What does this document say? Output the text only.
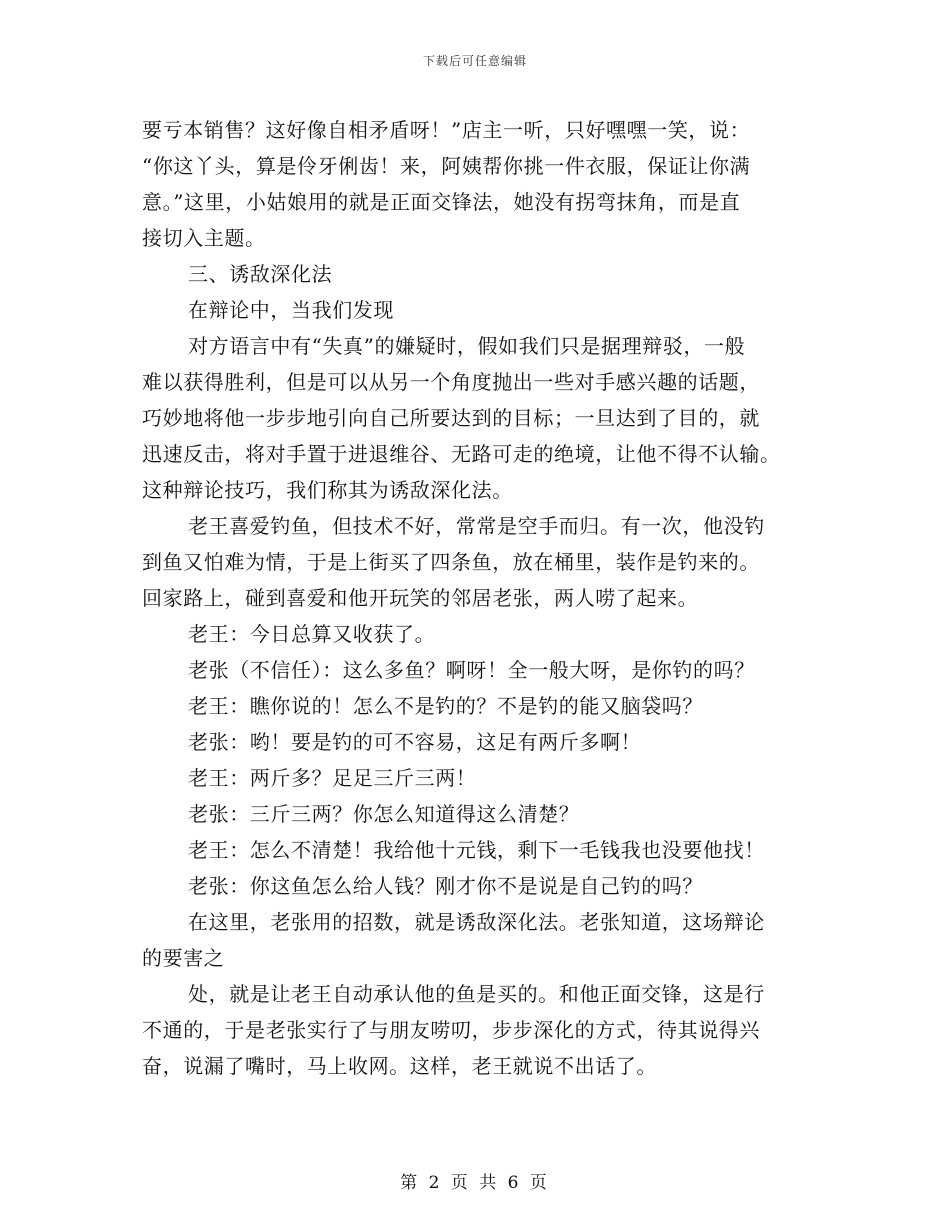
下载后可任意编辑
要亏本销售？这好像自相矛盾呀！”店主一听，只好嘿嘿一笑，说：
“你这丫头，算是伶牙俐齿！来，阿姨帮你挑一件衣服，保证让你满
意。”这里，小姑娘用的就是正面交锋法，她没有拐弯抹角，而是直
接切入主题。
三、诱敌深化法
在辩论中，当我们发现
对方语言中有“失真”的嫌疑时，假如我们只是据理辩驳，一般
难以获得胜利，但是可以从另一个角度抛出一些对手感兴趣的话题，
巧妙地将他一步步地引向自己所要达到的目标；一旦达到了目的，就
迅速反击，将对手置于进退维谷、无路可走的绝境，让他不得不认输。
这种辩论技巧，我们称其为诱敌深化法。
老王喜爱钓鱼，但技术不好，常常是空手而归。有一次，他没钓
到鱼又怕难为情，于是上街买了四条鱼，放在桶里，装作是钓来的。
回家路上，碰到喜爱和他开玩笑的邻居老张，两人唠了起来。
老王：今日总算又收获了。
老张（不信任）：这么多鱼？啊呀！全一般大呀，是你钓的吗？
老王：瞧你说的！怎么不是钓的？不是钓的能又脑袋吗？
老张：哟！要是钓的可不容易，这足有两斤多啊！
老王：两斤多？足足三斤三两！
老张：三斤三两？你怎么知道得这么清楚？
老王：怎么不清楚！我给他十元钱，剩下一毛钱我也没要他找！
老张：你这鱼怎么给人钱？刚才你不是说是自己钓的吗？
在这里，老张用的招数，就是诱敌深化法。老张知道，这场辩论
的要害之
处，就是让老王自动承认他的鱼是买的。和他正面交锋，这是行
不通的，于是老张实行了与朋友唠叨，步步深化的方式，待其说得兴
奋，说漏了嘴时，马上收网。这样，老王就说不出话了。
第 2 页 共 6 页
